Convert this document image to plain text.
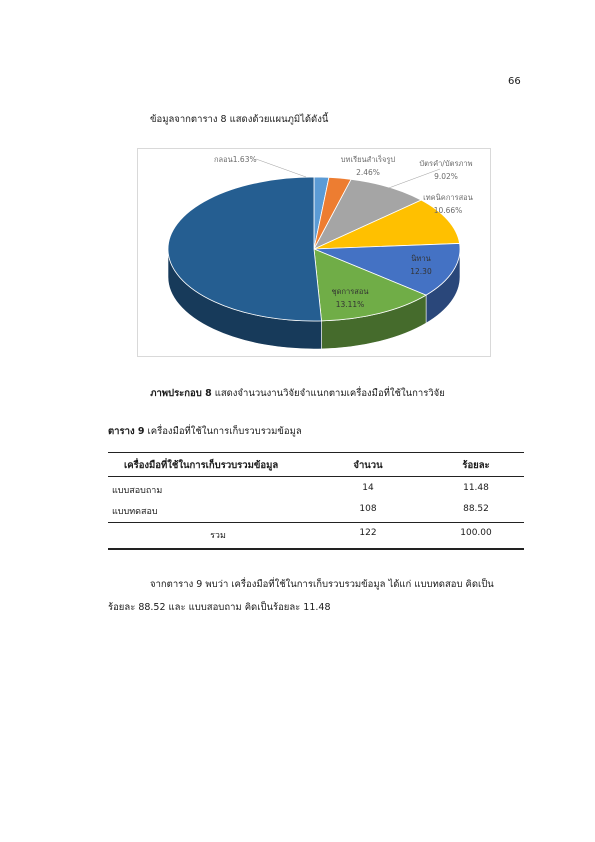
66
ข้อมูลจากตาราง 8 แสดงด้วยแผนภูมิได้ดังนี้
กลอน1.63%	บทเรียนสำเร็จรูป
2.46%
บัตรคำ/บัตรภาพ
9.02%
เทคนิคการสอน
10.66%
นิทาน
12.30
ชุดการสอน
13.11%
ภาพประกอบ 8 แสดงจำนวนงานวิจัยจำแนกตามเครื่องมือที่ใช้ในการวิจัย
ตาราง 9 เครื่องมือที่ใช้ในการเก็บรวบรวมข้อมูล
เครื่องมือที่ใช้ในการเก็บรวบรวมข้อมูล	จำนวน	ร้อยละ
แบบสอบถาม	14	11.48
แบบทดสอบ	108	88.52
รวม	122	100.00
จากตาราง 9 พบว่า เครื่องมือที่ใช้ในการเก็บรวบรวมข้อมูล ได้แก่ แบบทดสอบ คิดเป็น
ร้อยละ 88.52 และ แบบสอบถาม คิดเป็นร้อยละ 11.48
